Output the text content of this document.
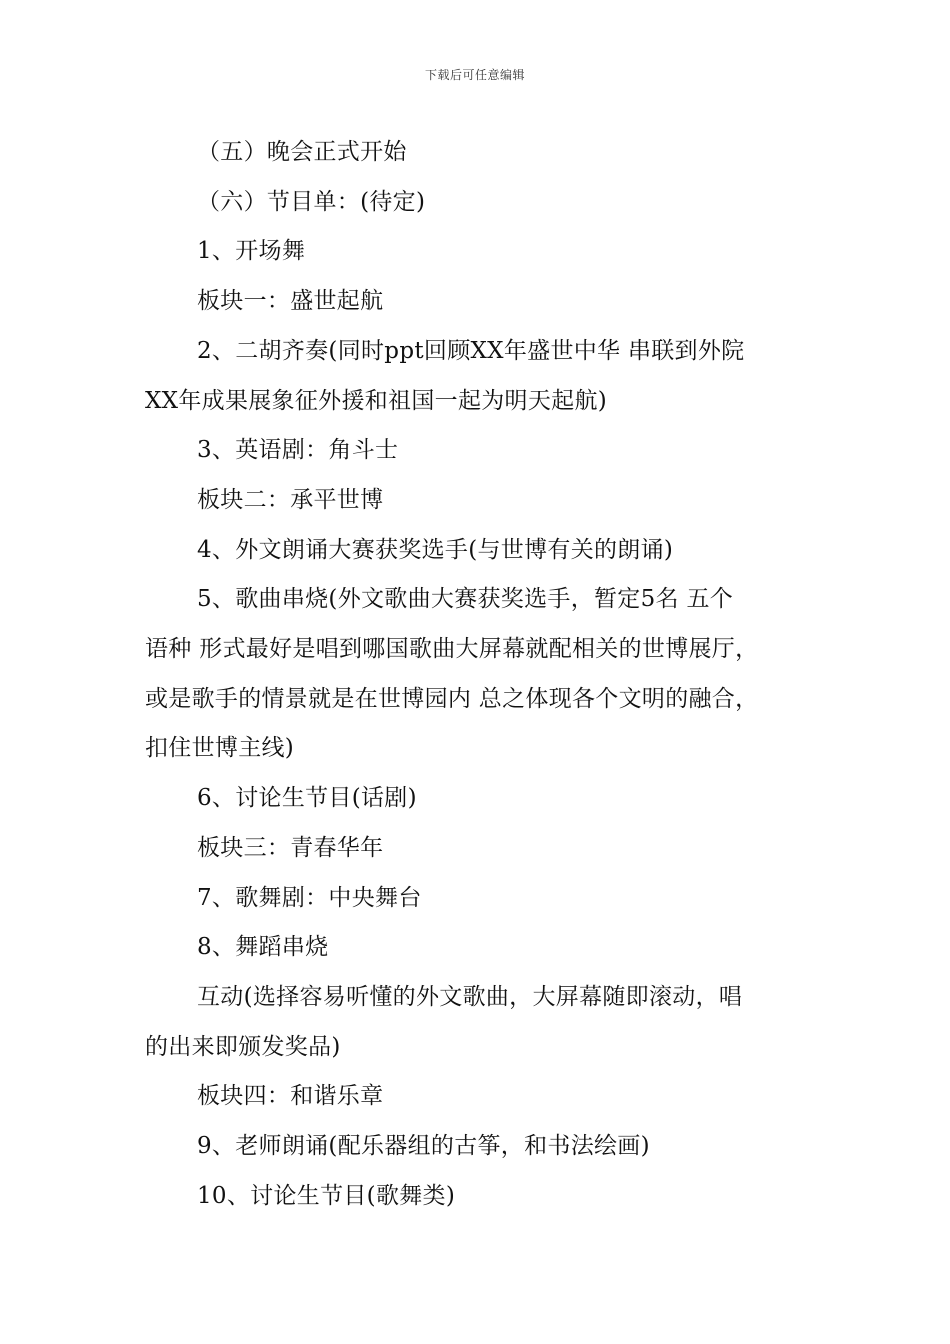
下载后可任意编辑
（五）晚会正式开始
（六）节目单：(待定)
1、开场舞
板块一：盛世起航
2、二胡齐奏(同时ppt回顾XX年盛世中华 串联到外院
XX年成果展象征外援和祖国一起为明天起航)
3、英语剧：角斗士
板块二：承平世博
4、外文朗诵大赛获奖选手(与世博有关的朗诵)
5、歌曲串烧(外文歌曲大赛获奖选手，暂定5名 五个
语种 形式最好是唱到哪国歌曲大屏幕就配相关的世博展厅，
或是歌手的情景就是在世博园内 总之体现各个文明的融合，
扣住世博主线)
6、讨论生节目(话剧)
板块三：青春华年
7、歌舞剧：中央舞台
8、舞蹈串烧
互动(选择容易听懂的外文歌曲，大屏幕随即滚动，唱
的出来即颁发奖品)
板块四：和谐乐章
9、老师朗诵(配乐器组的古筝，和书法绘画)
10、讨论生节目(歌舞类)
